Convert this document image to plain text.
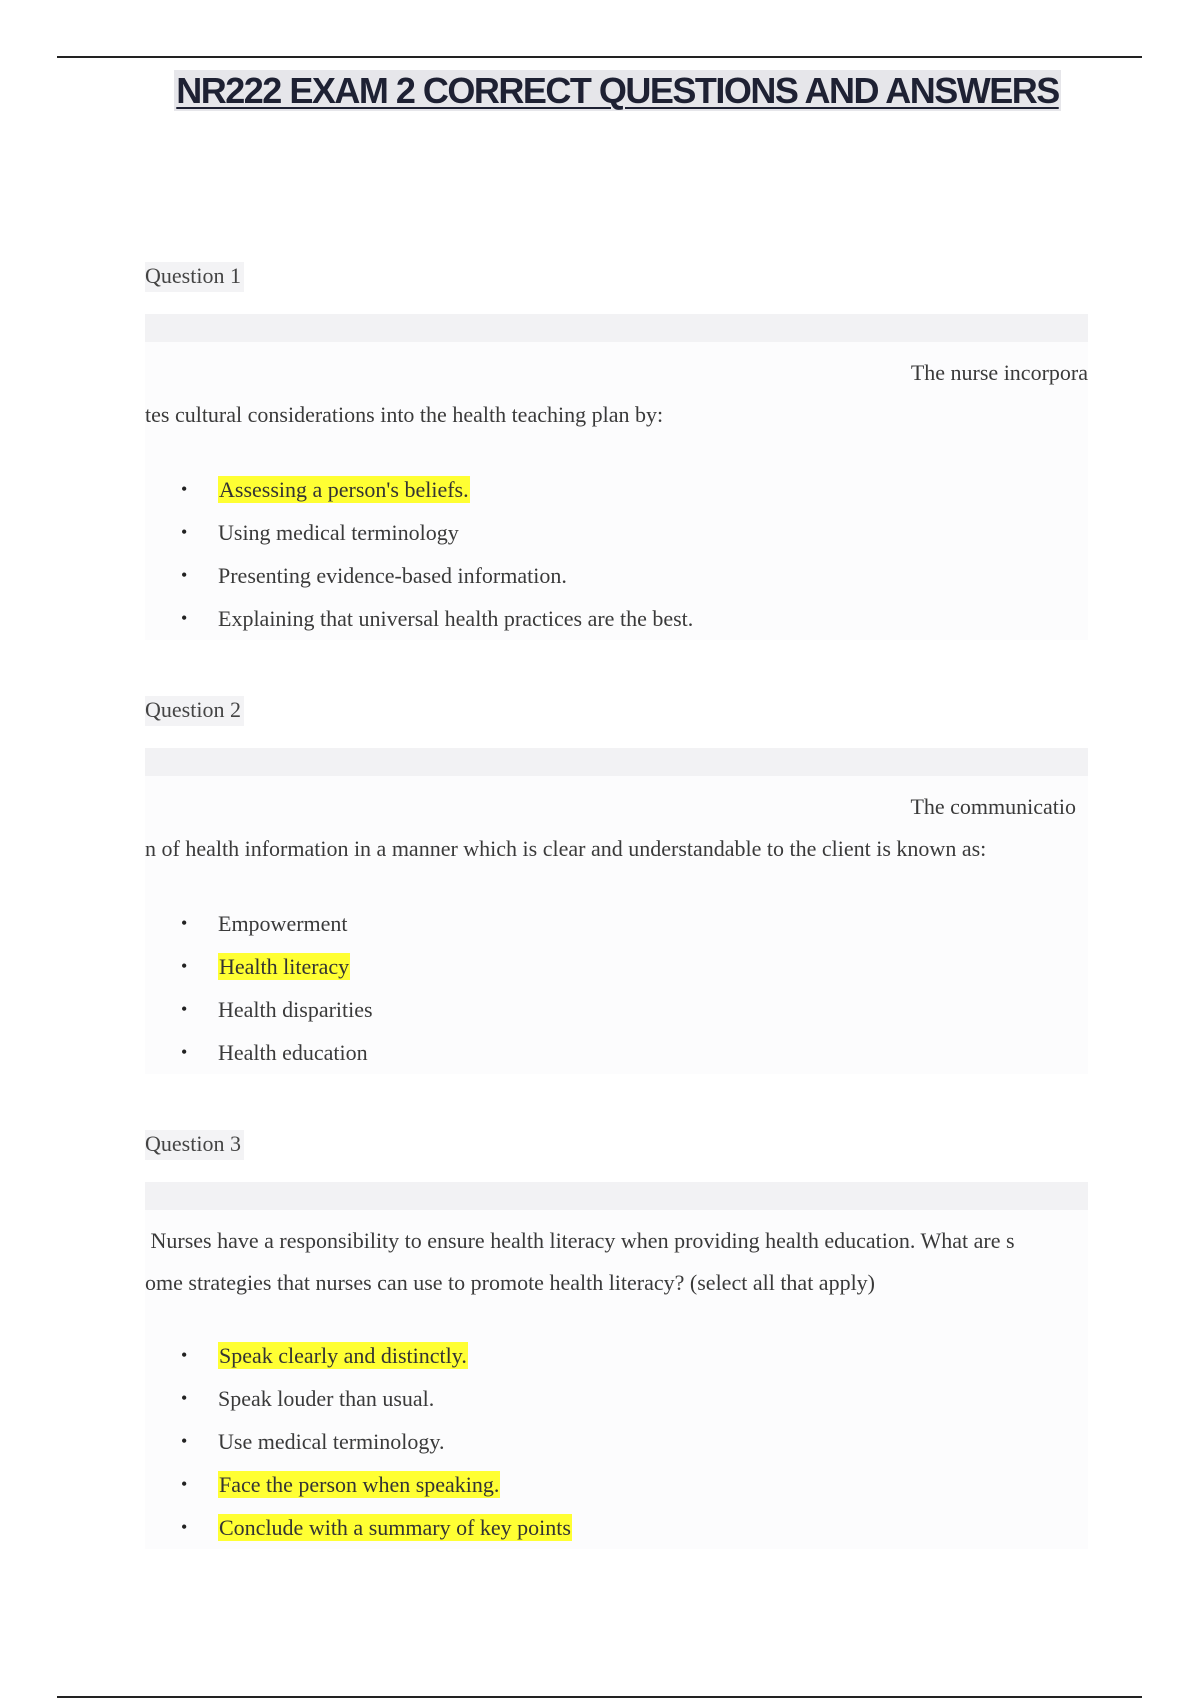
NR222 EXAM 2 CORRECT QUESTIONS AND ANSWERS
Question 1

The nurse incorpora
tes cultural considerations into the health teaching plan by:

• Assessing a person's beliefs.
• Using medical terminology
• Presenting evidence-based information.
• Explaining that universal health practices are the best.
Question 2

The communicatio
n of health information in a manner which is clear and understandable to the client is known as:

• Empowerment
• Health literacy
• Health disparities
• Health education
Question 3

Nurses have a responsibility to ensure health literacy when providing health education. What are s
ome strategies that nurses can use to promote health literacy? (select all that apply)

• Speak clearly and distinctly.
• Speak louder than usual.
• Use medical terminology.
• Face the person when speaking.
• Conclude with a summary of key points
